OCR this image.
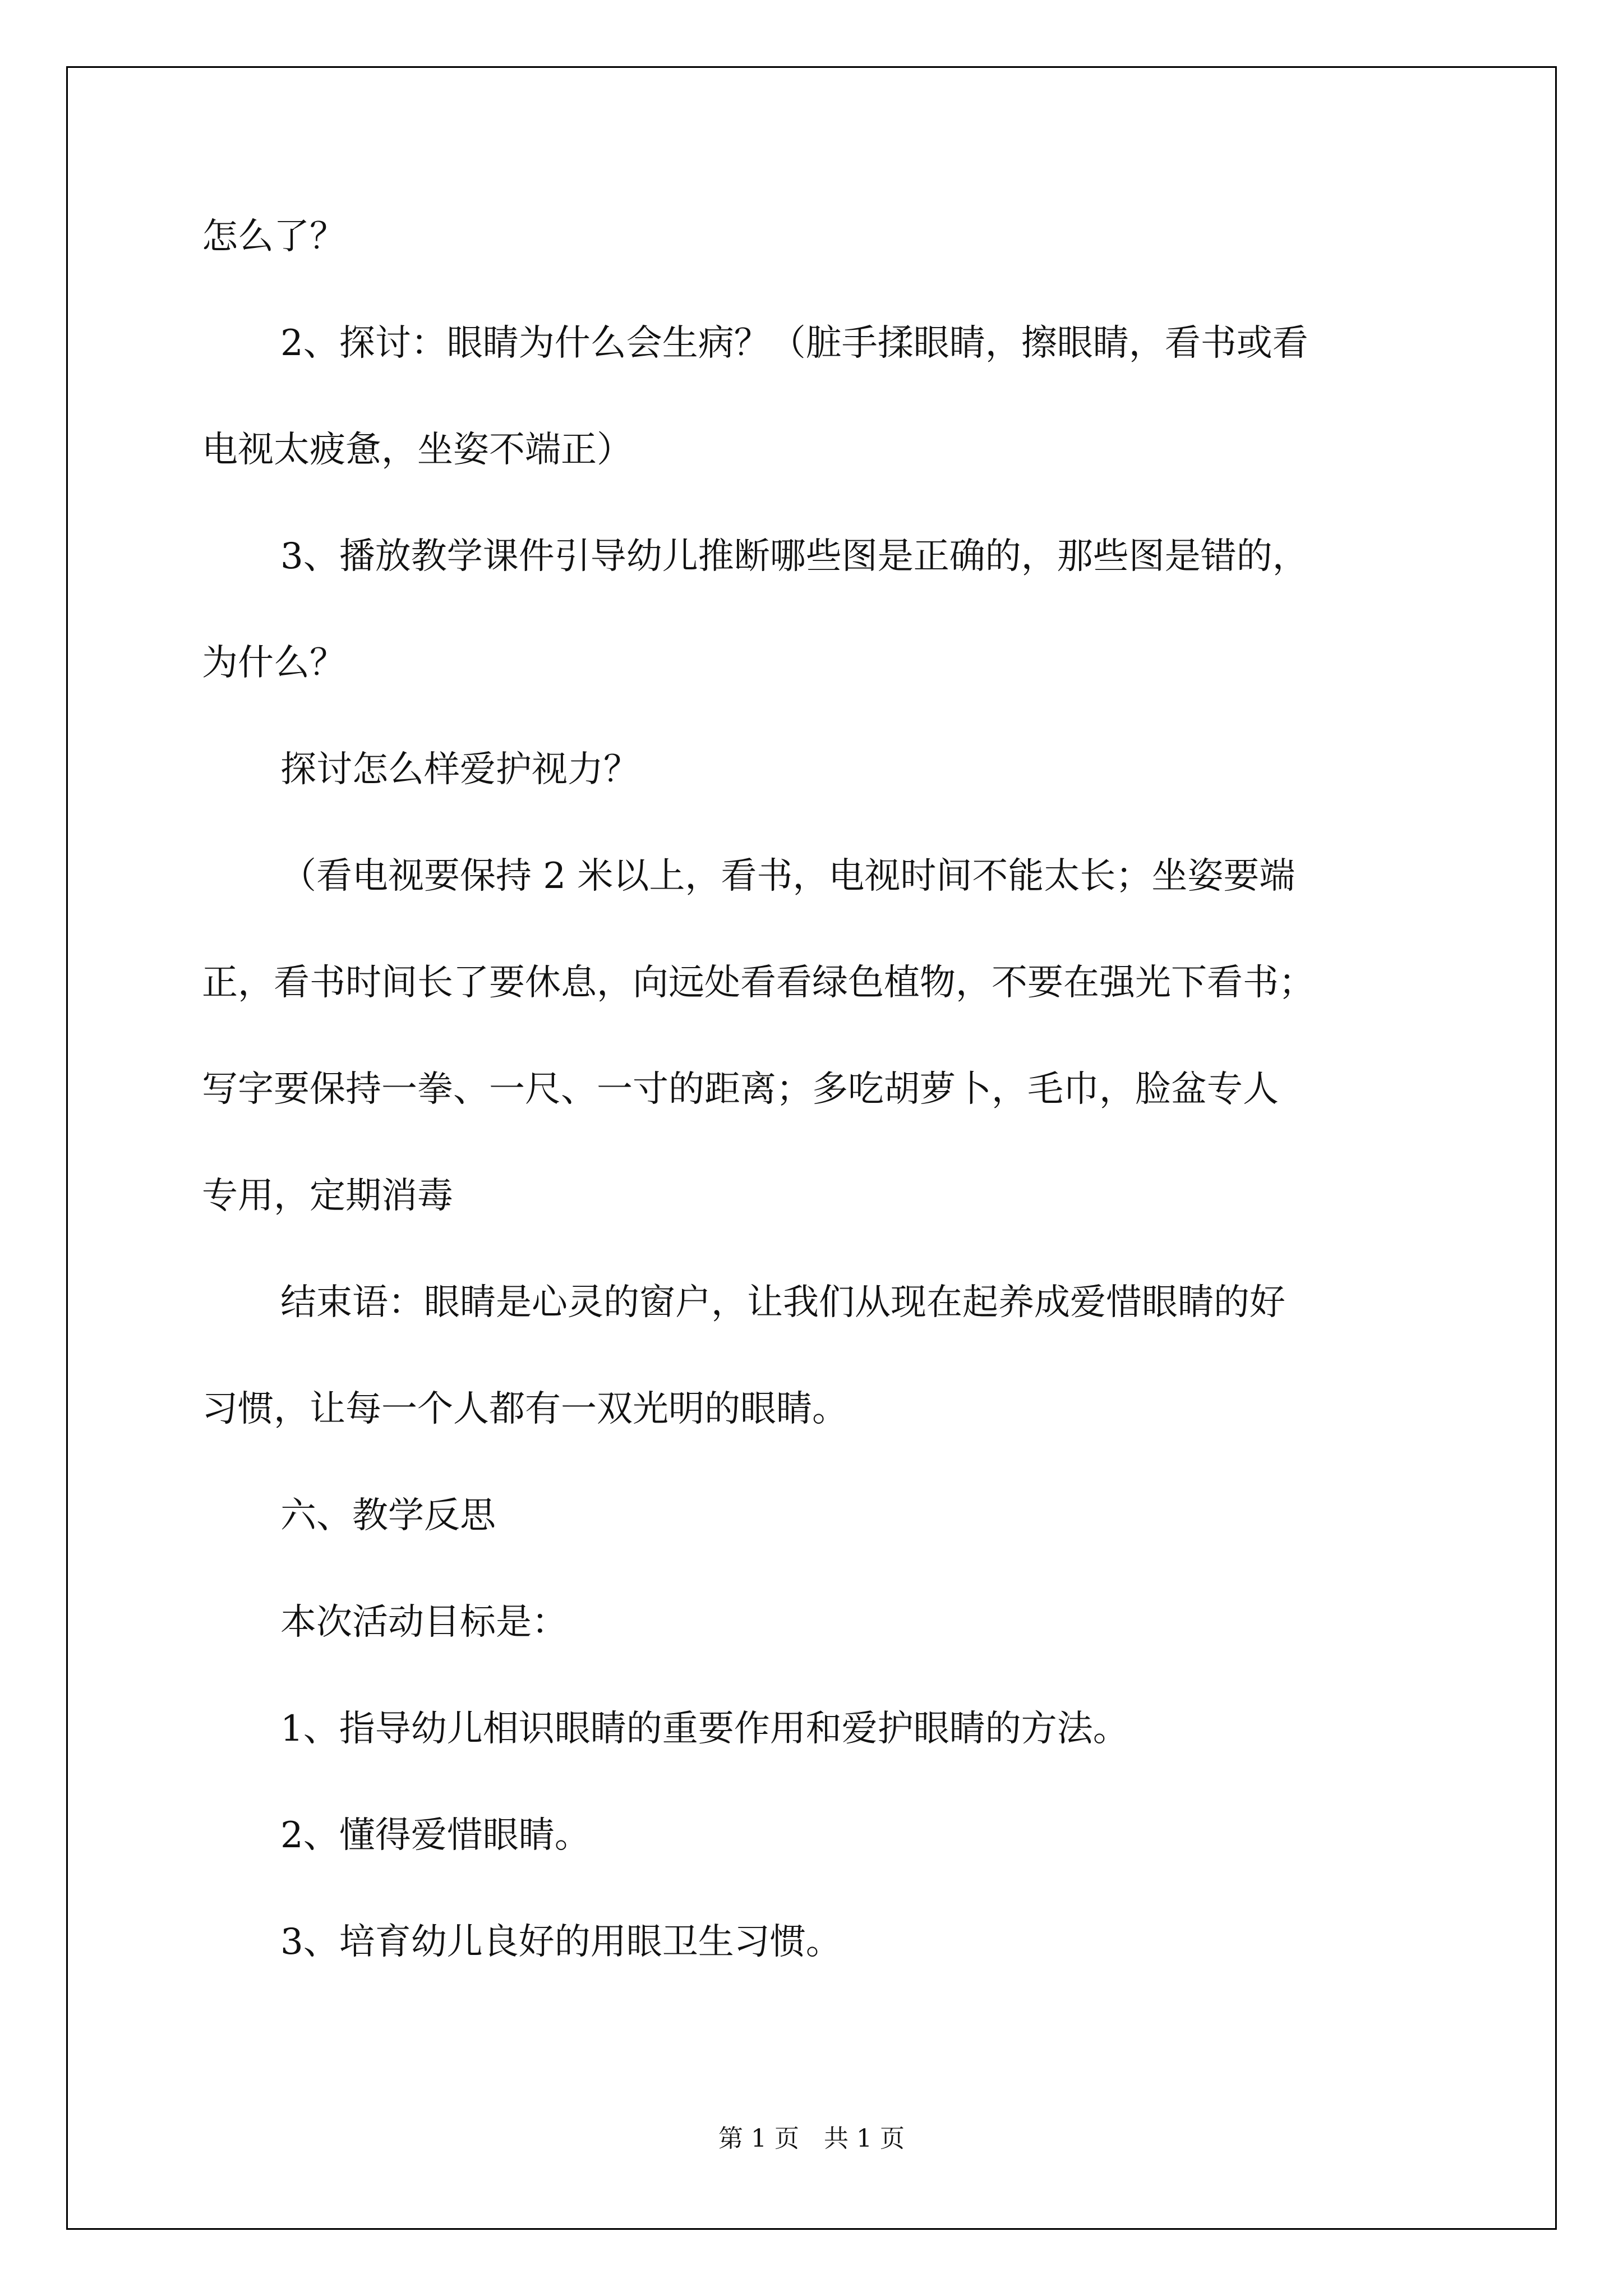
怎么了？
2、探讨：眼睛为什么会生病？（脏手揉眼睛，擦眼睛，看书或看
电视太疲惫，坐姿不端正）
3、播放教学课件引导幼儿推断哪些图是正确的，那些图是错的，
为什么？
探讨怎么样爱护视力？
（看电视要保持 2 米以上，看书，电视时间不能太长；坐姿要端
正，看书时间长了要休息，向远处看看绿色植物，不要在强光下看书；
写字要保持一拳、一尺、一寸的距离；多吃胡萝卜，毛巾，脸盆专人
专用，定期消毒
结束语：眼睛是心灵的窗户，让我们从现在起养成爱惜眼睛的好
习惯，让每一个人都有一双光明的眼睛。
六、教学反思
本次活动目标是：
1、指导幼儿相识眼睛的重要作用和爱护眼睛的方法。
2、懂得爱惜眼睛。
3、培育幼儿良好的用眼卫生习惯。
第 1 页　共 1 页
